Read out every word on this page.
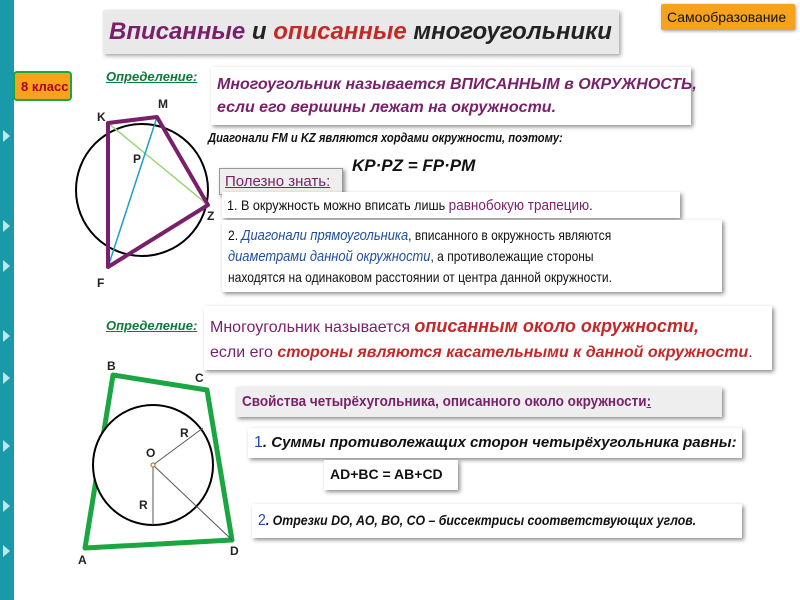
Вписанные и описанные многоугольники
Самообразование
8 класс
Определение: Многоугольник называется ВПИСАННЫМ в ОКРУЖНОСТЬ,
если его вершины лежат на окружности.
K
M
P
Z
F
Диагонали FM и KZ являются хордами окружности, поэтому:
KP·PZ = FP·PM
Полезно знать:
1. В окружность можно вписать лишь равнобокую трапецию.
2. Диагонали прямоугольника, вписанного в окружность являются
диаметрами данной окружности, а противолежащие стороны
находятся на одинаковом расстоянии от центра данной окружности.
Определение: Многоугольник называется описанным около окружности,
если его стороны являются касательными к данной окружности.
B
C
O
R
R
A
D
Свойства четырёхугольника, описанного около окружности:
1. Суммы противолежащих сторон четырёхугольника равны:
AD+BC = AB+CD
2. Отрезки DO, AO, BO, CO – биссектрисы соответствующих углов.
